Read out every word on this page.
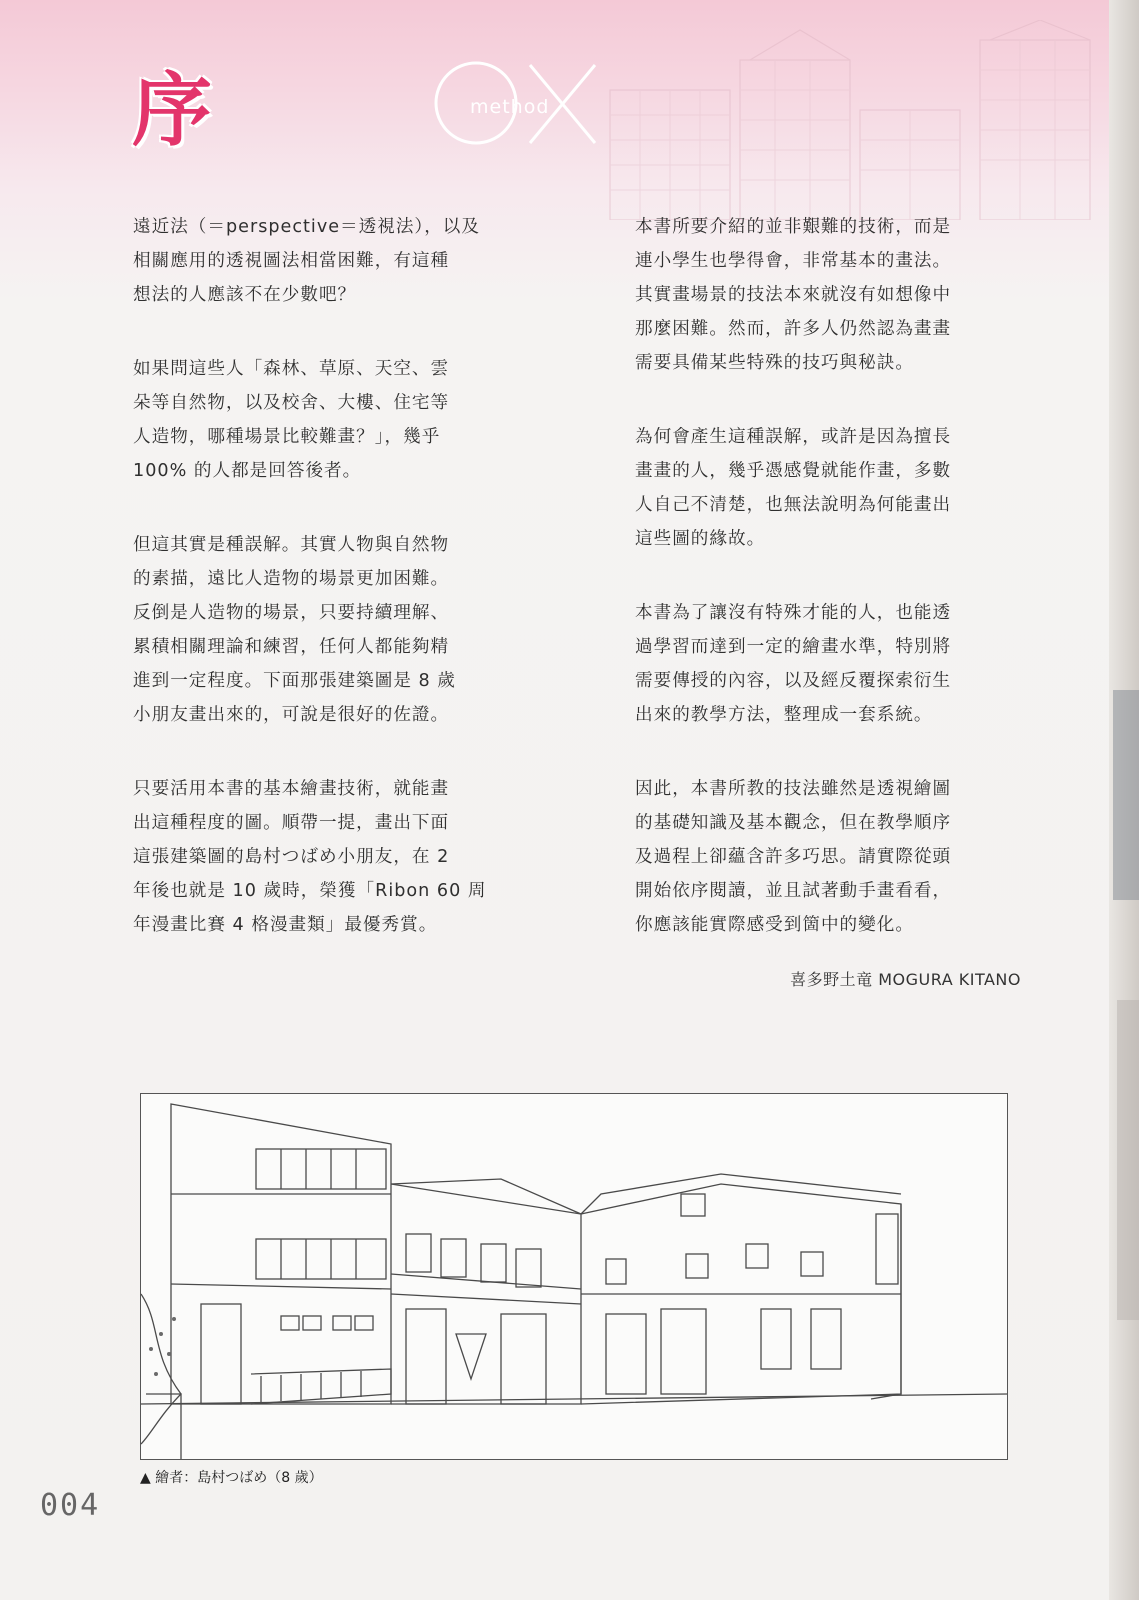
method
序

遠近法（＝perspective＝透視法），以及
相關應用的透視圖法相當困難，有這種
想法的人應該不在少數吧？

如果問這些人「森林、草原、天空、雲
朵等自然物，以及校舍、大樓、住宅等
人造物，哪種場景比較難畫？」，幾乎
100% 的人都是回答後者。

但這其實是種誤解。其實人物與自然物
的素描，遠比人造物的場景更加困難。
反倒是人造物的場景，只要持續理解、
累積相關理論和練習，任何人都能夠精
進到一定程度。下面那張建築圖是 8 歲
小朋友畫出來的，可說是很好的佐證。

只要活用本書的基本繪畫技術，就能畫
出這種程度的圖。順帶一提，畫出下面
這張建築圖的島村つばめ小朋友，在 2
年後也就是 10 歲時，榮獲「Ribon 60 周
年漫畫比賽 4 格漫畫類」最優秀賞。

本書所要介紹的並非艱難的技術，而是
連小學生也學得會，非常基本的畫法。
其實畫場景的技法本來就沒有如想像中
那麼困難。然而，許多人仍然認為畫畫
需要具備某些特殊的技巧與秘訣。

為何會產生這種誤解，或許是因為擅長
畫畫的人，幾乎憑感覺就能作畫，多數
人自己不清楚，也無法說明為何能畫出
這些圖的緣故。

本書為了讓沒有特殊才能的人，也能透
過學習而達到一定的繪畫水準，特別將
需要傳授的內容，以及經反覆探索衍生
出來的教學方法，整理成一套系統。

因此，本書所教的技法雖然是透視繪圖
的基礎知識及基本觀念，但在教學順序
及過程上卻蘊含許多巧思。請實際從頭
開始依序閱讀，並且試著動手畫看看，
你應該能實際感受到箇中的變化。

喜多野土竜 MOGURA KITANO
▲ 繪者：島村つばめ（8 歲）
004
